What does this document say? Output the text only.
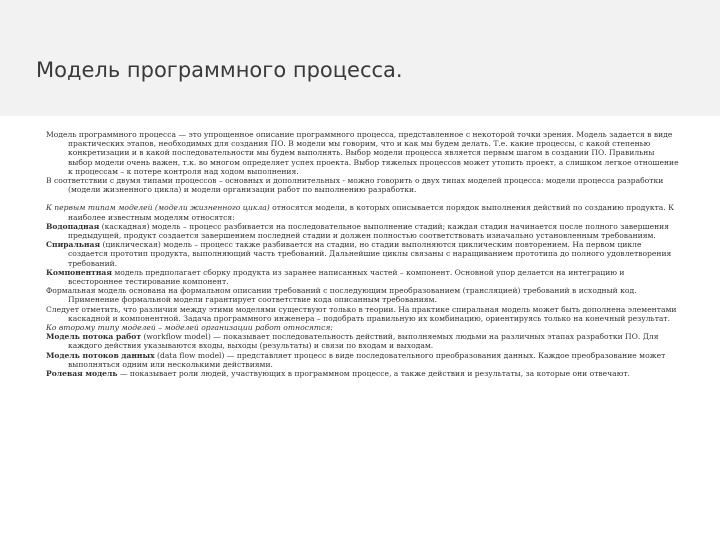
Модель программного процесса.

Модель программного процесса — это упрощенное описание программного процесса, представленное с некоторой точки зрения. Модель задается в виде практических этапов, необходимых для создания ПО. В модели мы говорим, что и как мы будем делать. Т.е. какие процессы, с какой степенью конкретизации и в какой последовательности мы будем выполнять. Выбор модели процесса является первым шагом в создании ПО. Правильны выбор модели очень важен, т.к. во многом определяет успех проекта. Выбор тяжелых процессов может утопить проект, а слишком легкое отношение к процессам – к потере контроля над ходом выполнения.

В соответствии с двумя типами процессов – основных и дополнительных - можно говорить о двух типах моделей процесса: модели процесса разработки (модели жизненного цикла) и модели организации работ по выполнению разработки.

К первым типам моделей (модели жизненного цикла) относятся модели, в которых описывается порядок выполнения действий по созданию продукта. К наиболее известным моделям относятся:

Водопадная (каскадная) модель – процесс разбивается на последовательное выполнение стадий; каждая стадия начинается после полного завершения предыдущей, продукт создается завершением последней стадии и должен полностью соответствовать изначально установленным требованиям.

Спиральная (циклическая) модель – процесс также разбивается на стадии, но стадии выполняются циклическим повторением. На первом цикле создается прототип продукта, выполняющий часть требований. Дальнейшие циклы связаны с наращиванием прототипа до полного удовлетворения требований.

Компонентная модель предполагает сборку продукта из заранее написанных частей – компонент. Основной упор делается на интеграцию и всестороннее тестирование компонент.

Формальная модель основана на формальном описании требований с последующим преобразованием (трансляцией) требований в исходный код. Применение формальной модели гарантирует соответствие кода описанным требованиям.

Следует отметить, что различия между этими моделями существуют только в теории. На практике спиральная модель может быть дополнена элементами каскадной и компонентной. Задача программного инженера – подобрать правильную их комбинацию, ориентируясь только на конечный результат.

Ко второму типу моделей – моделей организации работ относятся:

Модель потока работ (workflow model) — показывает последовательность действий, выполняемых людьми на различных этапах разработки ПО. Для каждого действия указываются входы, выходы (результаты) и связи по входам и выходам.

Модель потоков данных (data flow model) — представляет процесс в виде последовательного преобразования данных. Каждое преобразование может выполняться одним или несколькими действиями.

Ролевая модель — показывает роли людей, участвующих в программном процессе, а также действия и результаты, за которые они отвечают.
